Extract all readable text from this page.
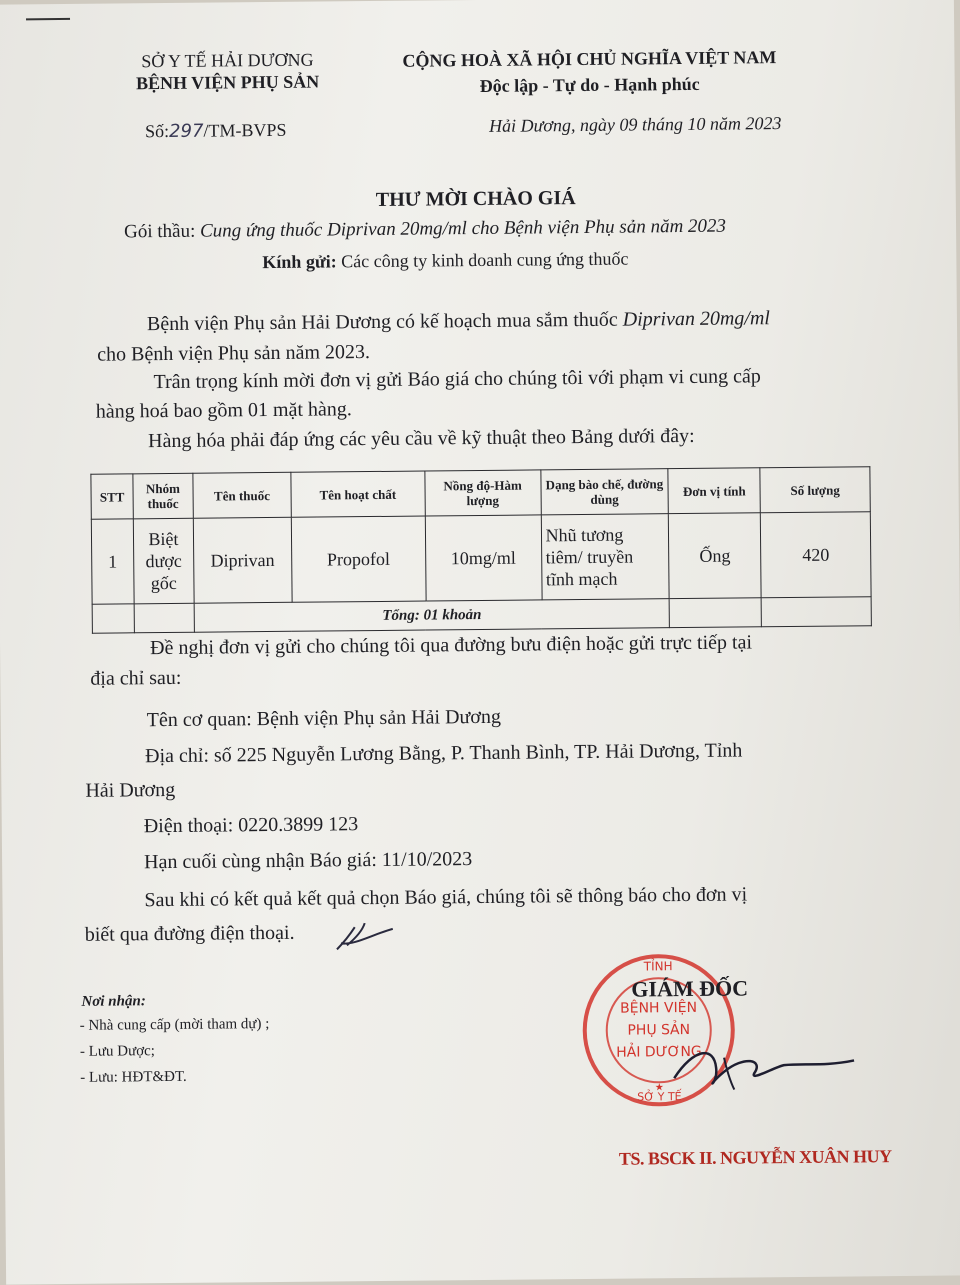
SỞ Y TẾ HẢI DƯƠNG
BỆNH VIỆN PHỤ SẢN
Số:297/TM-BVPS
CỘNG HOÀ XÃ HỘI CHỦ NGHĨA VIỆT NAM
Độc lập - Tự do - Hạnh phúc
Hải Dương, ngày 09 tháng 10 năm 2023
THƯ MỜI CHÀO GIÁ
Gói thầu: Cung ứng thuốc Diprivan 20mg/ml cho Bệnh viện Phụ sản năm 2023
Kính gửi: Các công ty kinh doanh cung ứng thuốc
Bệnh viện Phụ sản Hải Dương có kế hoạch mua sắm thuốc Diprivan 20mg/ml
cho Bệnh viện Phụ sản năm 2023.
Trân trọng kính mời đơn vị gửi Báo giá cho chúng tôi với phạm vi cung cấp
hàng hoá bao gồm 01 mặt hàng.
Hàng hóa phải đáp ứng các yêu cầu về kỹ thuật theo Bảng dưới đây:
STT	Nhóm thuốc	Tên thuốc	Tên hoạt chất	Nồng độ-Hàm lượng	Dạng bào chế, đường dùng	Đơn vị tính	Số lượng
1	Biệt dược gốc	Diprivan	Propofol	10mg/ml	Nhũ tương tiêm/ truyền tĩnh mạch	Ống	420
		Tổng: 01 khoản					
Đề nghị đơn vị gửi cho chúng tôi qua đường bưu điện hoặc gửi trực tiếp tại
địa chỉ sau:
Tên cơ quan: Bệnh viện Phụ sản Hải Dương
Địa chỉ: số 225 Nguyễn Lương Bằng, P. Thanh Bình, TP. Hải Dương, Tỉnh
Hải Dương
Điện thoại: 0220.3899 123
Hạn cuối cùng nhận Báo giá: 11/10/2023
Sau khi có kết quả kết quả chọn Báo giá, chúng tôi sẽ thông báo cho đơn vị
biết qua đường điện thoại.
Nơi nhận:
- Nhà cung cấp (mời tham dự) ;
- Lưu Dược;
- Lưu: HĐT&ĐT.
TỈNH
BỆNH VIỆN
PHỤ SẢN
HẢI DƯƠNG
SỞ Y TẾ
★
GIÁM ĐỐC
TS. BSCK II. NGUYỄN XUÂN HUY
